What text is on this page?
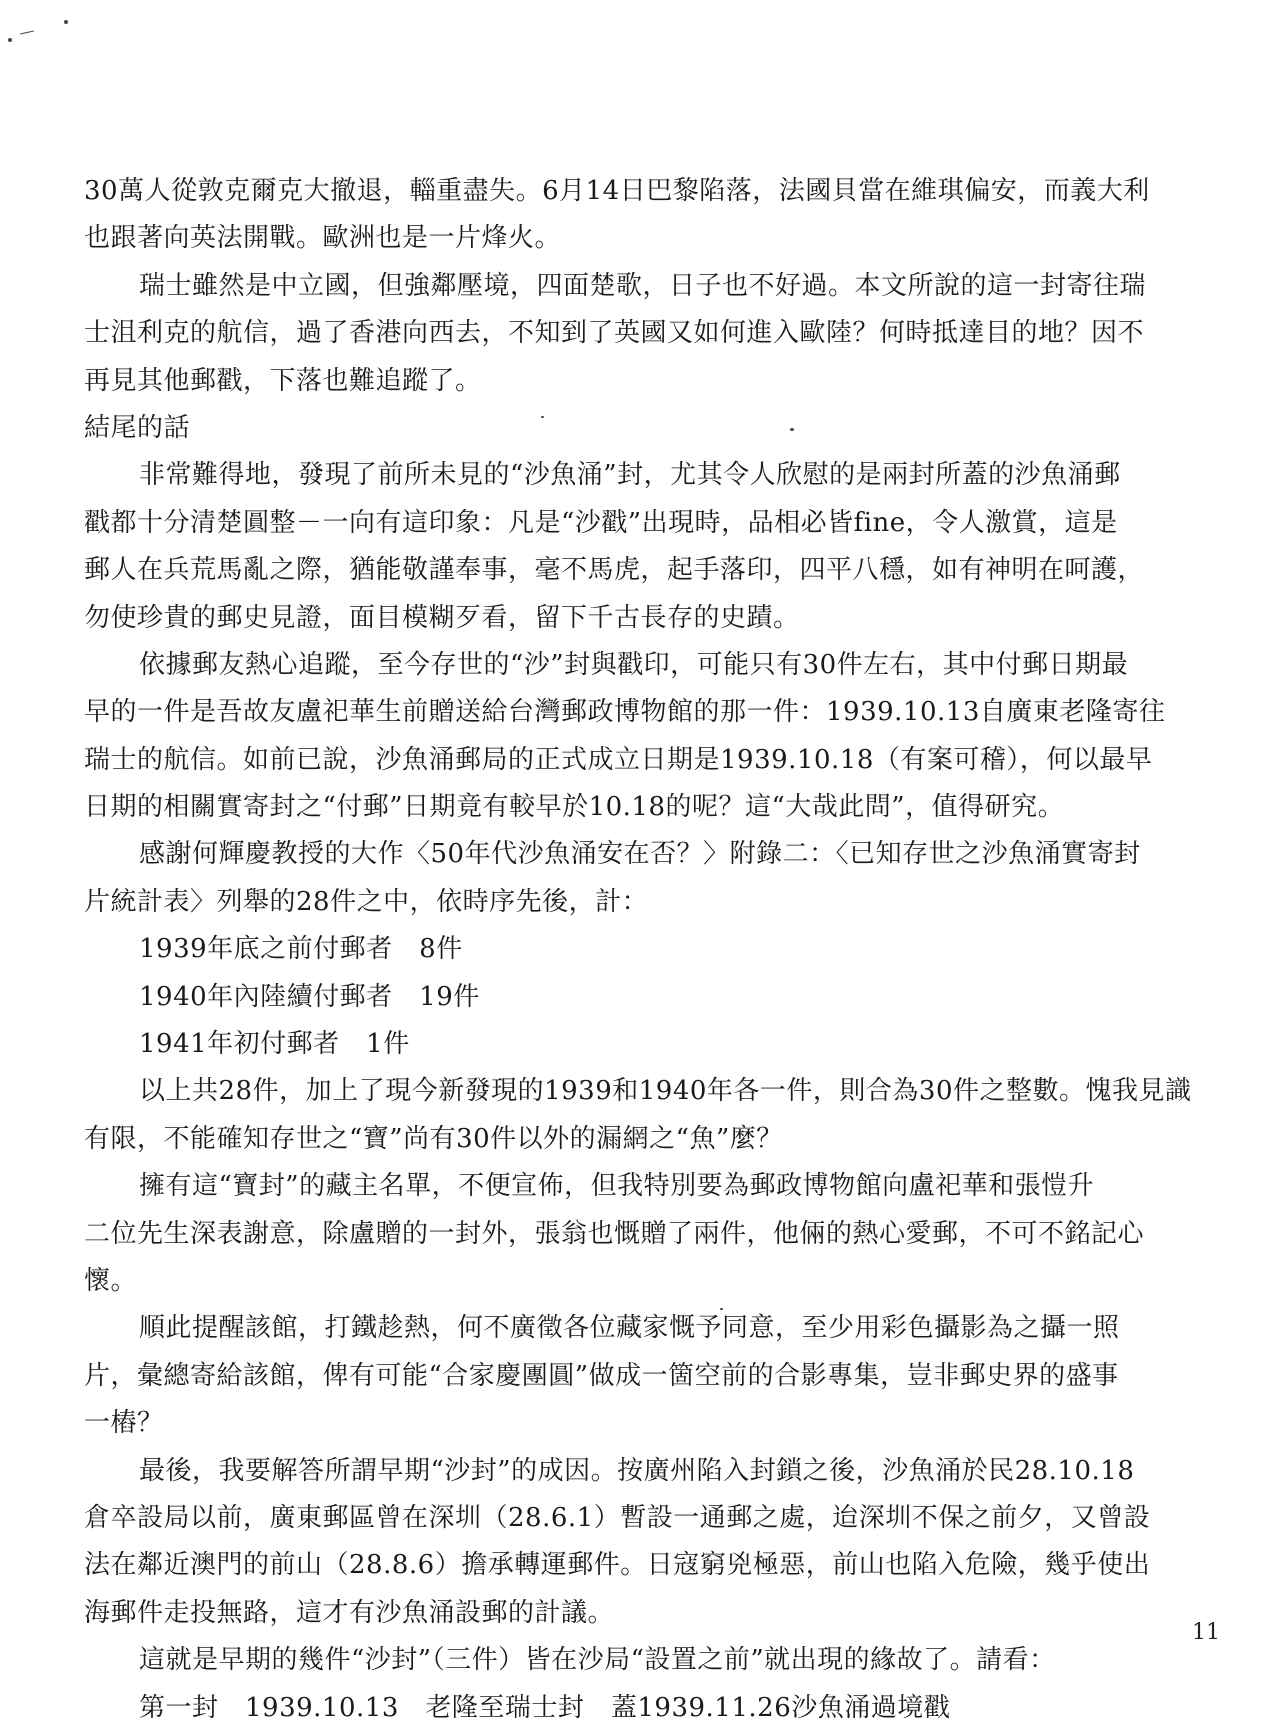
30萬人從敦克爾克大撤退，輜重盡失。6月14日巴黎陷落，法國貝當在維琪偏安，而義大利
也跟著向英法開戰。歐洲也是一片烽火。
瑞士雖然是中立國，但強鄰壓境，四面楚歌，日子也不好過。本文所說的這一封寄往瑞
士沮利克的航信，過了香港向西去，不知到了英國又如何進入歐陸？何時抵達目的地？因不
再見其他郵戳，下落也難追蹤了。
結尾的話
非常難得地，發現了前所未見的“沙魚涌”封，尤其令人欣慰的是兩封所蓋的沙魚涌郵
戳都十分清楚圓整－一向有這印象：凡是“沙戳”出現時，品相必皆fine，令人激賞，這是
郵人在兵荒馬亂之際，猶能敬謹奉事，毫不馬虎，起手落印，四平八穩，如有神明在呵護，
勿使珍貴的郵史見證，面目模糊歹看，留下千古長存的史蹟。
依據郵友熱心追蹤，至今存世的“沙”封與戳印，可能只有30件左右，其中付郵日期最
早的一件是吾故友盧祀華生前贈送給台灣郵政博物館的那一件：1939.10.13自廣東老隆寄往
瑞士的航信。如前已說，沙魚涌郵局的正式成立日期是1939.10.18（有案可稽），何以最早
日期的相關實寄封之“付郵”日期竟有較早於10.18的呢？這“大哉此問”，值得研究。
感謝何輝慶教授的大作〈50年代沙魚涌安在否？〉附錄二：〈已知存世之沙魚涌實寄封
片統計表〉列舉的28件之中，依時序先後，計：
1939年底之前付郵者　8件
1940年內陸續付郵者　19件
1941年初付郵者　1件
以上共28件，加上了現今新發現的1939和1940年各一件，則合為30件之整數。愧我見識
有限，不能確知存世之“寶”尚有30件以外的漏網之“魚”麼？
擁有這“寶封”的藏主名單，不便宣佈，但我特別要為郵政博物館向盧祀華和張愷升
二位先生深表謝意，除盧贈的一封外，張翁也慨贈了兩件，他倆的熱心愛郵，不可不銘記心
懷。
順此提醒該館，打鐵趁熱，何不廣徵各位藏家慨予同意，至少用彩色攝影為之攝一照
片，彙總寄給該館，俾有可能“合家慶團圓”做成一箇空前的合影專集，豈非郵史界的盛事
一樁？
最後，我要解答所謂早期“沙封”的成因。按廣州陷入封鎖之後，沙魚涌於民28.10.18
倉卒設局以前，廣東郵區曾在深圳（28.6.1）暫設一通郵之處，迨深圳不保之前夕，又曾設
法在鄰近澳門的前山（28.8.6）擔承轉運郵件。日寇窮兇極惡，前山也陷入危險，幾乎使出
海郵件走投無路，這才有沙魚涌設郵的計議。
這就是早期的幾件“沙封”（三件）皆在沙局“設置之前”就出現的緣故了。請看：
第一封　1939.10.13　老隆至瑞士封　蓋1939.11.26沙魚涌過境戳
11
